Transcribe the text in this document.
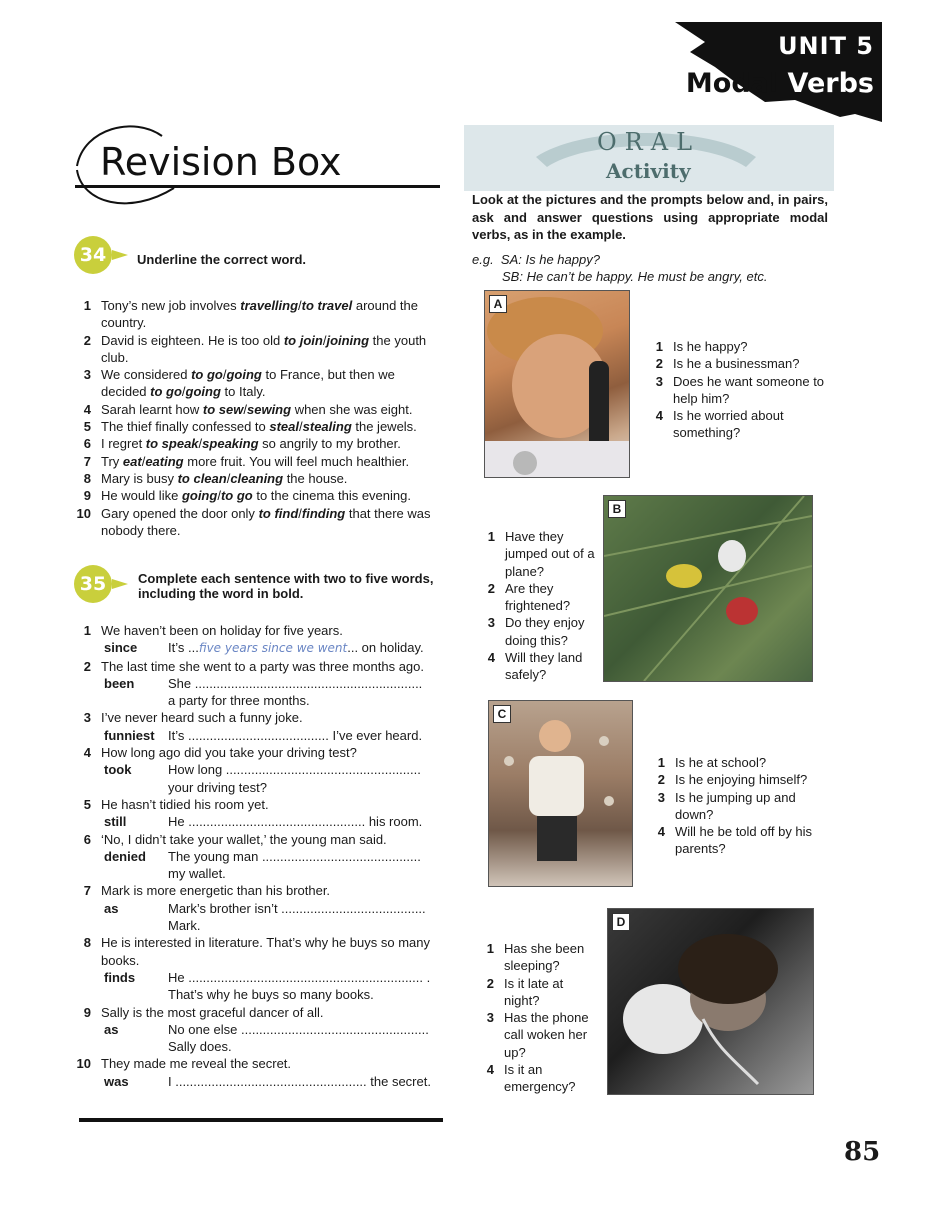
UNIT 5
Modal Verbs
Revision Box
34	Underline the correct word.
1 Tony’s new job involves travelling/to travel around the country.
2 David is eighteen. He is too old to join/joining the youth club.
3 We considered to go/going to France, but then we decided to go/going to Italy.
4 Sarah learnt how to sew/sewing when she was eight.
5 The thief finally confessed to steal/stealing the jewels.
6 I regret to speak/speaking so angrily to my brother.
7 Try eat/eating more fruit. You will feel much healthier.
8 Mary is busy to clean/cleaning the house.
9 He would like going/to go to the cinema this evening.
10 Gary opened the door only to find/finding that there was nobody there.
35	Complete each sentence with two to five words, including the word in bold.
1 We haven’t been on holiday for five years.
since It’s ...five years since we went... on holiday.
2 The last time she went to a party was three months ago.
been	She ...............................................................
a party for three months.
3 I’ve never heard such a funny joke.
funniest It’s ....................................... I’ve ever heard.
4 How long ago did you take your driving test?
took	How long ......................................................
your driving test?
5 He hasn’t tidied his room yet.
still	He ................................................. his room.
6 ‘No, I didn’t take your wallet,’ the young man said.
denied The young man ............................................
my wallet.
7 Mark is more energetic than his brother.
as	Mark’s brother isn’t ........................................
Mark.
8 He is interested in literature. That’s why he buys so many books.
finds	He ................................................................. .
That’s why he buys so many books.
9 Sally is the most graceful dancer of all.
as	No one else ....................................................
Sally does.
10 They made me reveal the secret.
was	I ..................................................... the secret.
ORAL
Activity
Look at the pictures and the prompts below and, in pairs, ask and answer questions using appropriate modal verbs, as in the example.
e.g. SA: Is he happy?
SB: He can’t be happy. He must be angry, etc.
A
1 Is he happy?
2 Is he a businessman?
3 Does he want someone to help him?
4 Is he worried about something?
B
1 Have they jumped out of a plane?
2 Are they frightened?
3 Do they enjoy doing this?
4 Will they land safely?
C
1 Is he at school?
2 Is he enjoying himself?
3 Is he jumping up and down?
4 Will he be told off by his parents?
D
1 Has she been sleeping?
2 Is it late at night?
3 Has the phone call woken her up?
4 Is it an emergency?
85
